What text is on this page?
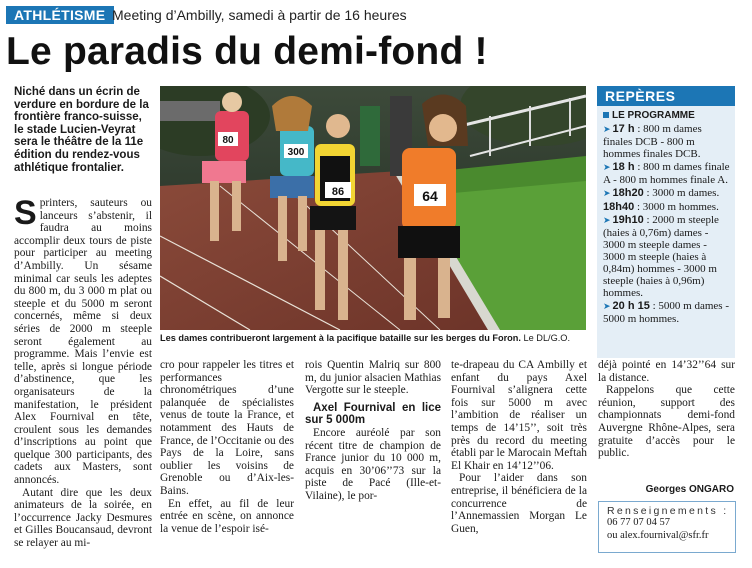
ATHLÉTISME Meeting d’Ambilly, samedi à partir de 16 heures
Le paradis du demi-fond !
Niché dans un écrin de verdure en bordure de la frontière franco-suisse, le stade Lucien-Veyrat sera le théâtre de la 11e édition du rendez-vous athlétique frontalier.
80
300
86	64
Les dames contribueront largement à la pacifique bataille sur les berges du Foron. Le DL/G.O.

Sprinters, sauteurs ou lanceurs s’abstenir, il faudra au moins accomplir deux tours de piste pour participer au meeting d’Ambilly. Un sésame minimal car seuls les adeptes du 800 m, du 3 000 m plat ou steeple et du 5000 m seront concernés, même si deux séries de 2000 m steeple seront également au programme. Mais l’envie est telle, après si longue période d’abstinence, que les organisateurs de la manifestation, le président Alex Fournival en tête, croulent sous les demandes d’inscriptions au point que quelque 300 participants, des cadets aux Masters, sont annoncés.

Autant dire que les deux animateurs de la soirée, en l’occurrence Jacky Desmures et Gilles Boucansaud, devront se relayer au mi-

cro pour rappeler les titres et performances chronométriques d’une palanquée de spécialistes venus de toute la France, et notamment des Hauts de France, de l’Occitanie ou des Pays de la Loire, sans oublier les voisins de Grenoble ou d’Aix-les-Bains.

En effet, au fil de leur entrée en scène, on annonce la venue de l’espoir isé-

rois Quentin Malriq sur 800 m, du junior alsacien Mathias Vergotte sur le steeple.

Axel Fournival en lice sur 5 000m

Encore auréolé par son récent titre de champion de France junior du 10 000 m, acquis en 30’06’’73 sur la piste de Pacé (Ille-et-Vilaine), le por-

te-drapeau du CA Ambilly et enfant du pays Axel Fournival s’alignera cette fois sur 5000 m avec l’ambition de réaliser un temps de 14’15’’, soit très près du record du meeting établi par le Marocain Meftah El Khair en 14’12’’06.

Pour l’aider dans son entreprise, il bénéficiera de la concurrence de l’Annemassien Morgan Le Guen,

déjà pointé en 14’32’’64 sur la distance.

Rappelons que cette réunion, support des championnats demi-fond Auvergne Rhône-Alpes, sera gratuite d’accès pour le public.

Georges ONGARO
REPÈRES
LE PROGRAMME
➤ 17 h : 800 m dames finales DCB - 800 m hommes finales DCB.
➤ 18 h : 800 m dames finale A - 800 m hommes finale A.
➤ 18h20 : 3000 m dames.
18h40 : 3000 m hommes.
➤ 19h10 : 2000 m steeple (haies à 0,76m) dames - 3000 m steeple dames - 3000 m steeple (haies à 0,84m) hommes - 3000 m steeple (haies à 0,96m) hommes.
➤ 20 h 15 : 5000 m dames - 5000 m hommes.
Renseignements :
06 77 07 04 57
ou alex.fournival@sfr.fr
